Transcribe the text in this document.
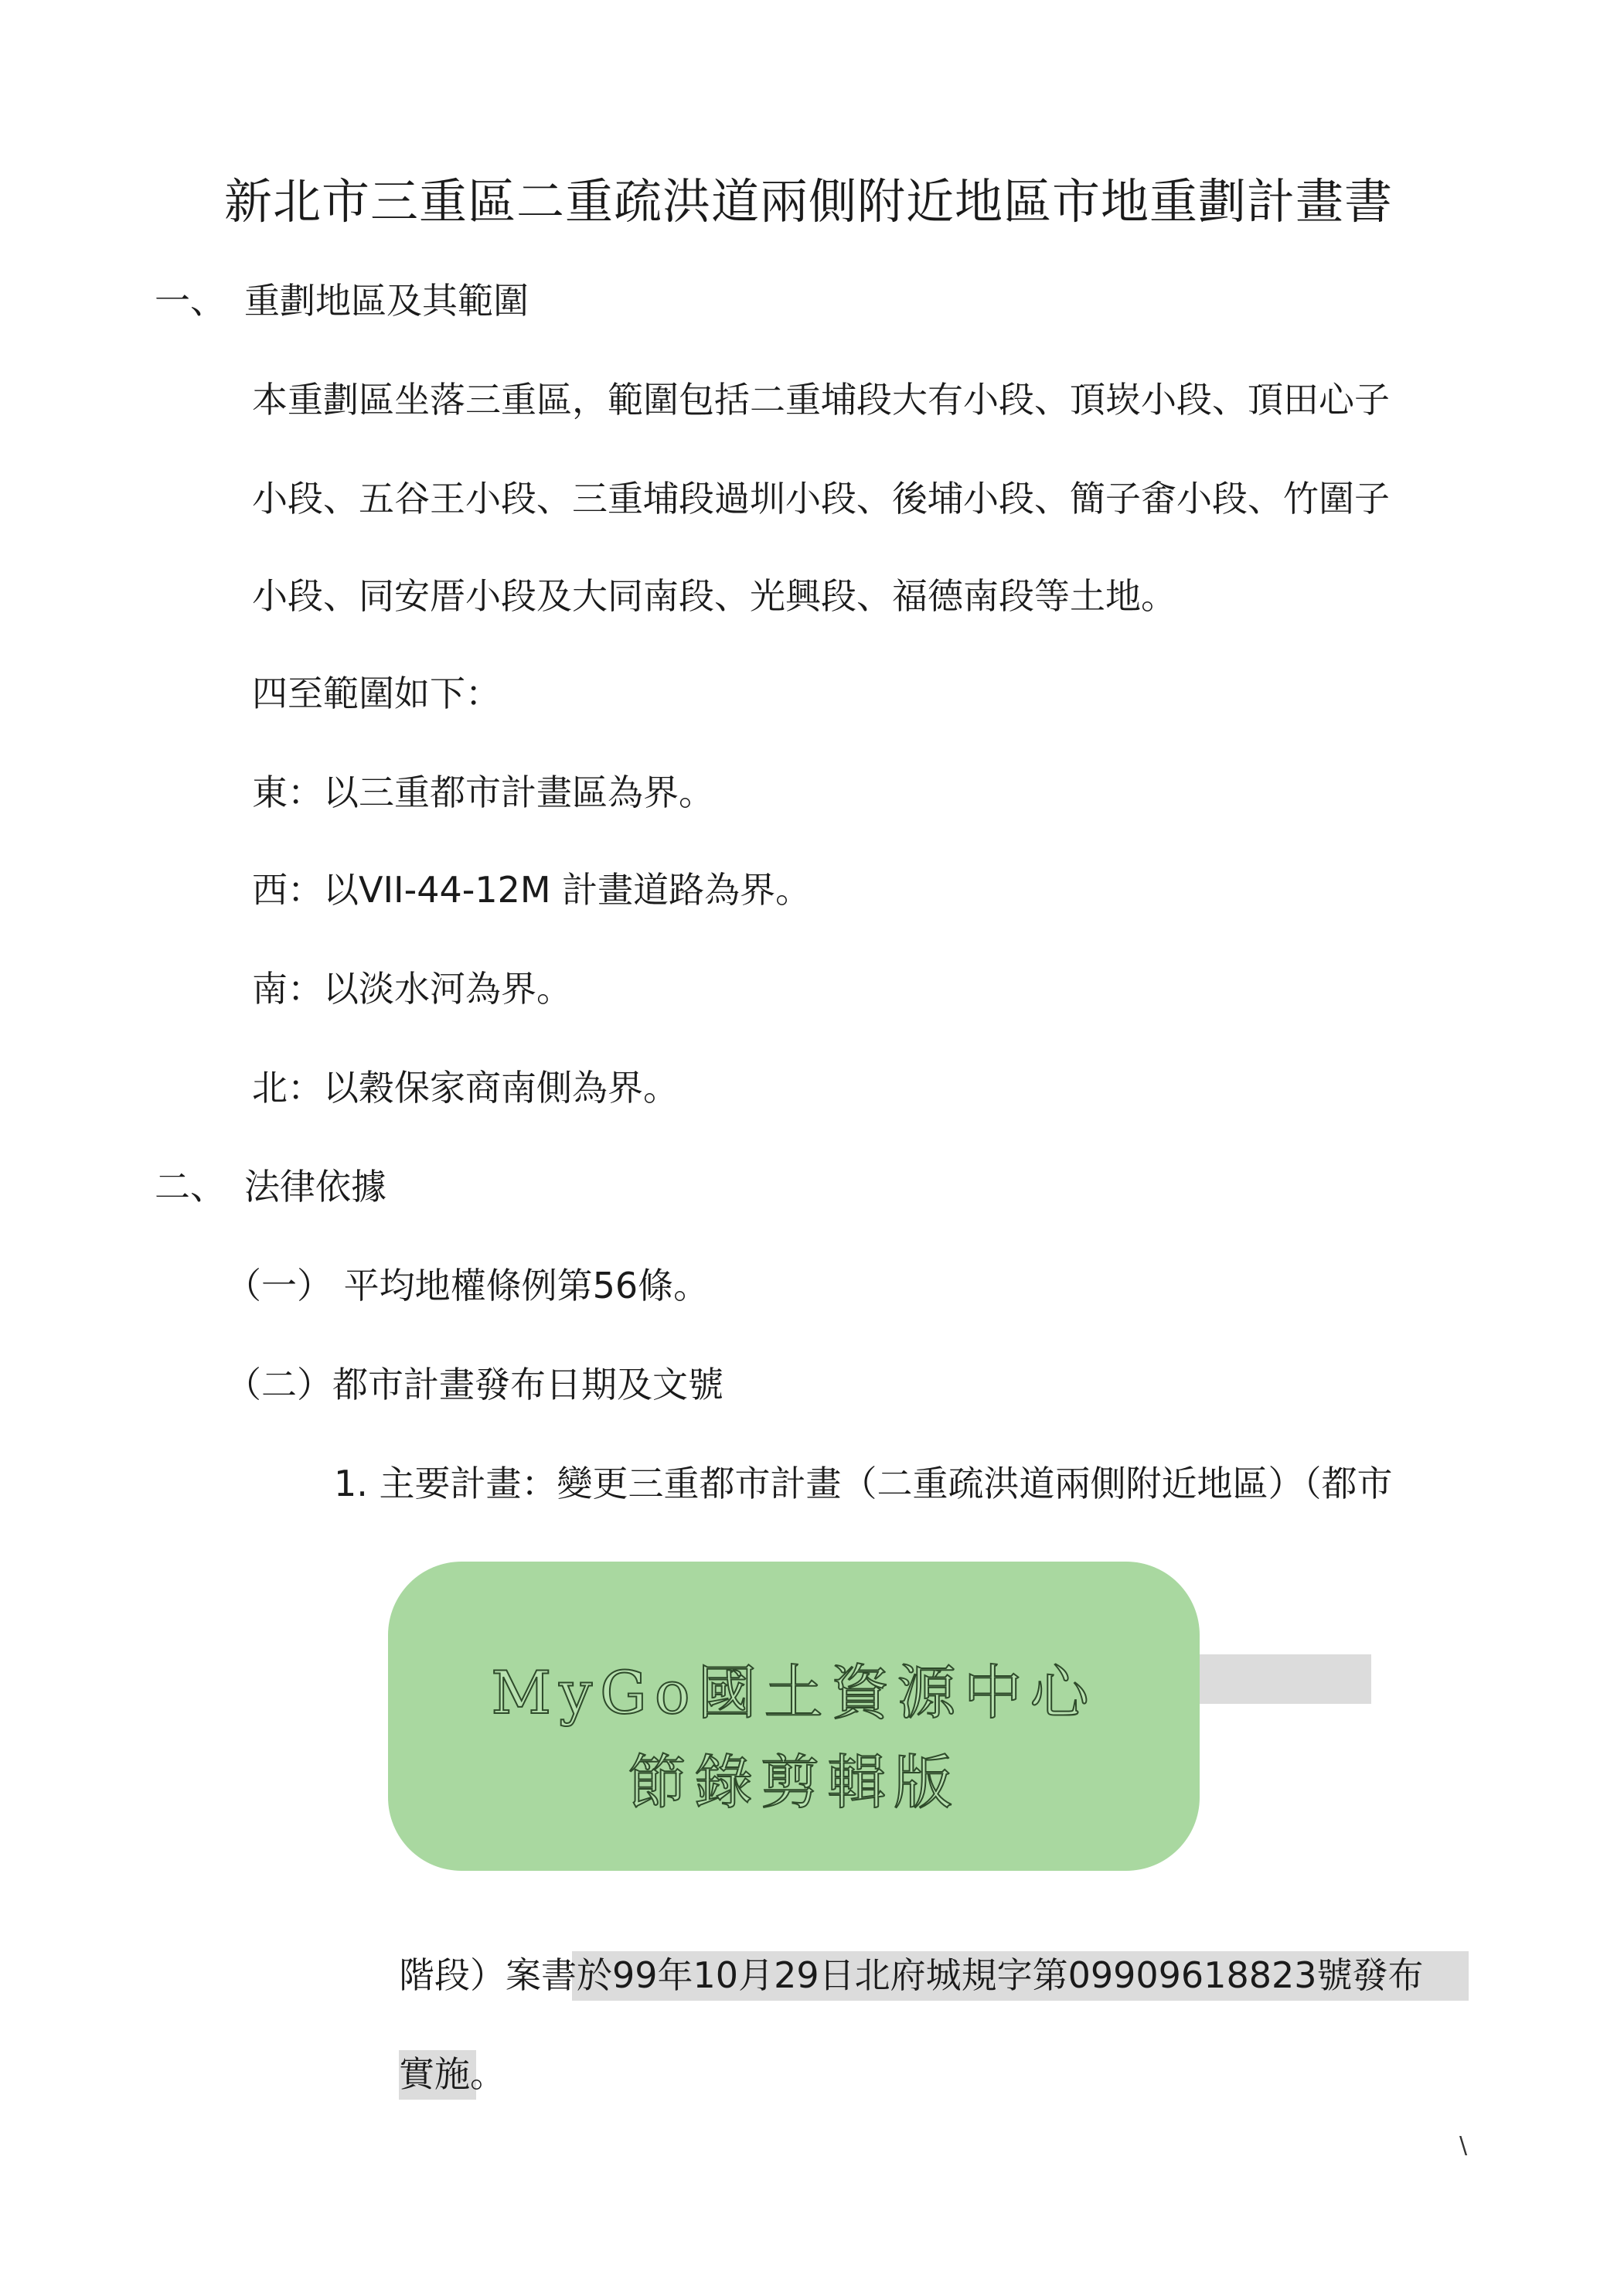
新北市三重區二重疏洪道兩側附近地區市地重劃計畫書
一、 重劃地區及其範圍
本重劃區坐落三重區，範圍包括二重埔段大有小段、頂崁小段、頂田心子
小段、五谷王小段、三重埔段過圳小段、後埔小段、簡子畬小段、竹圍子
小段、同安厝小段及大同南段、光興段、福德南段等土地。
四至範圍如下：
東：以三重都市計畫區為界。
西：以VII-44-12M 計畫道路為界。
南：以淡水河為界。
北：以穀保家商南側為界。
二、 法律依據
（一） 平均地權條例第56條。
（二）都市計畫發布日期及文號
1. 主要計畫：變更三重都市計畫（二重疏洪道兩側附近地區）（都市
MyGo國土資源中心
節錄剪輯版
階段）案書於99年10月29日北府城規字第09909618823號發布
實施。
\
